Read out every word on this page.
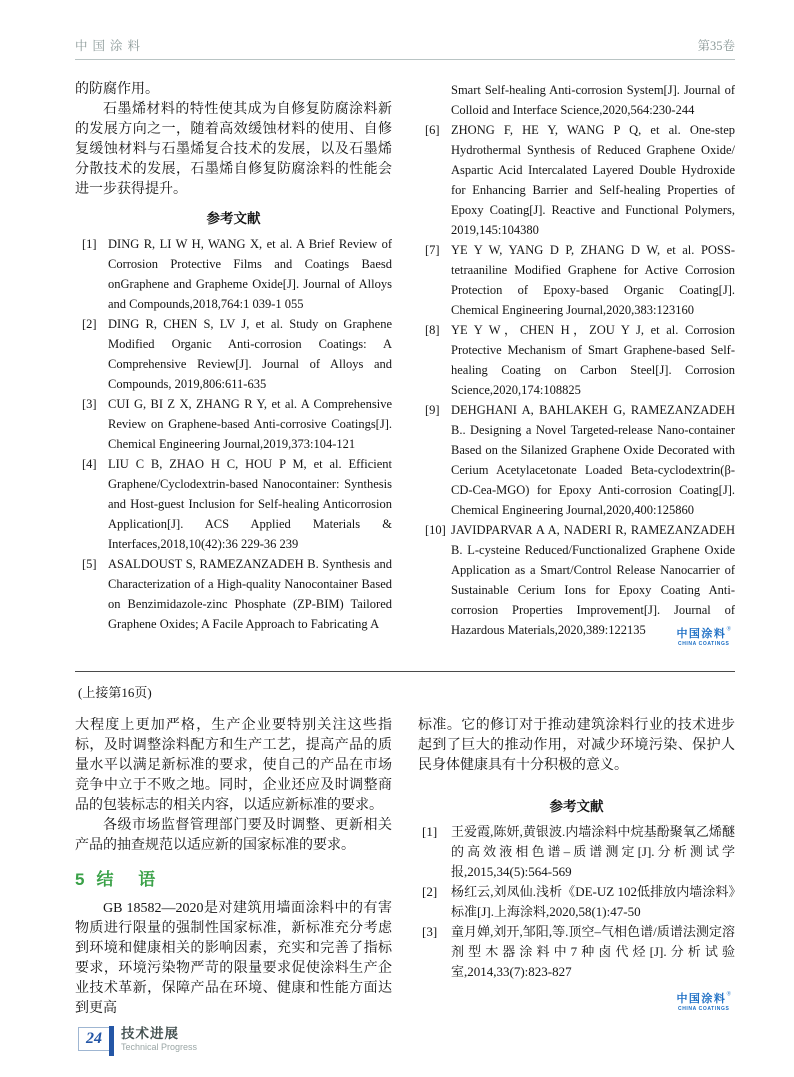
中国涂料	第35卷

的防腐作用。

石墨烯材料的特性使其成为自修复防腐涂料新的发展方向之一，随着高效缓蚀材料的使用、自修复缓蚀材料与石墨烯复合技术的发展，以及石墨烯分散技术的发展，石墨烯自修复防腐涂料的性能会进一步获得提升。

参考文献
[1] DING R, LI W H, WANG X, et al. A Brief Review of Corrosion Protective Films and Coatings Baesd onGraphene and Grapheme Oxide[J]. Journal of Alloys and Compounds,2018,764:1 039-1 055
[2] DING R, CHEN S, LV J, et al. Study on Graphene Modified Organic Anti-corrosion Coatings: A Comprehensive Review[J]. Journal of Alloys and Compounds, 2019,806:611-635
[3] CUI G, BI Z X, ZHANG R Y, et al. A Comprehensive Review on Graphene-based Anti-corrosive Coatings[J]. Chemical Engineering Journal,2019,373:104-121
[4] LIU C B, ZHAO H C, HOU P M, et al. Efficient Graphene/Cyclodextrin-based Nanocontainer: Synthesis and Host-guest Inclusion for Self-healing Anticorrosion Application[J]. ACS Applied Materials & Interfaces,2018,10(42):36 229-36 239
[5] ASALDOUST S, RAMEZANZADEH B. Synthesis and Characterization of a High-quality Nanocontainer Based on Benzimidazole-zinc Phosphate (ZP-BIM) Tailored Graphene Oxides; A Facile Approach to Fabricating A
Smart Self-healing Anti-corrosion System[J]. Journal of Colloid and Interface Science,2020,564:230-244
[6] ZHONG F, HE Y, WANG P Q, et al. One-step Hydrothermal Synthesis of Reduced Graphene Oxide/ Aspartic Acid Intercalated Layered Double Hydroxide for Enhancing Barrier and Self-healing Properties of Epoxy Coating[J]. Reactive and Functional Polymers, 2019,145:104380
[7] YE Y W, YANG D P, ZHANG D W, et al. POSS-tetraaniline Modified Graphene for Active Corrosion Protection of Epoxy-based Organic Coating[J]. Chemical Engineering Journal,2020,383:123160
[8] YE Y W，CHEN H，ZOU Y J, et al. Corrosion Protective Mechanism of Smart Graphene-based Self-healing Coating on Carbon Steel[J]. Corrosion Science,2020,174:108825
[9] DEHGHANI A, BAHLAKEH G, RAMEZANZADEH B.. Designing a Novel Targeted-release Nano-container Based on the Silanized Graphene Oxide Decorated with Cerium Acetylacetonate Loaded Beta-cyclodextrin(β-CD-Cea-MGO) for Epoxy Anti-corrosion Coating[J]. Chemical Engineering Journal,2020,400:125860
[10] JAVIDPARVAR A A, NADERI R, RAMEZANZADEH B. L-cysteine Reduced/Functionalized Graphene Oxide Application as a Smart/Control Release Nanocarrier of Sustainable Cerium Ions for Epoxy Coating Anti-corrosion Properties Improvement[J]. Journal of Hazardous Materials,2020,389:122135	中国涂料®
CHINA COATINGS
(上接第16页)

大程度上更加严格，生产企业要特别关注这些指标，及时调整涂料配方和生产工艺，提高产品的质量水平以满足新标准的要求，使自己的产品在市场竞争中立于不败之地。同时，企业还应及时调整商品的包装标志的相关内容，以适应新标准的要求。

各级市场监督管理部门要及时调整、更新相关产品的抽查规范以适应新的国家标准的要求。

5 结 语

GB 18582—2020是对建筑用墙面涂料中的有害物质进行限量的强制性国家标准，新标准充分考虑到环境和健康相关的影响因素，充实和完善了指标要求，环境污染物严苛的限量要求促使涂料生产企业技术革新，保障产品在环境、健康和性能方面达到更高

标准。它的修订对于推动建筑涂料行业的技术进步起到了巨大的推动作用，对减少环境污染、保护人民身体健康具有十分积极的意义。

参考文献
[1]	王爱霞,陈妍,黄银波.内墙涂料中烷基酚聚氧乙烯醚的高效液相色谱–质谱测定[J].分析测试学报,2015,34(5):564-569
[2]	杨红云,刘凤仙.浅析《DE-UZ 102低排放内墙涂料》标准[J].上海涂料,2020,58(1):47-50
[3]	童月婵,刘开,邹阳,等.顶空–气相色谱/质谱法测定溶剂型木器涂料中7种卤代烃[J].分析试验室,2014,33(7):823-827
中国涂料®
CHINA COATINGS
24	技术进展
Technical Progress
